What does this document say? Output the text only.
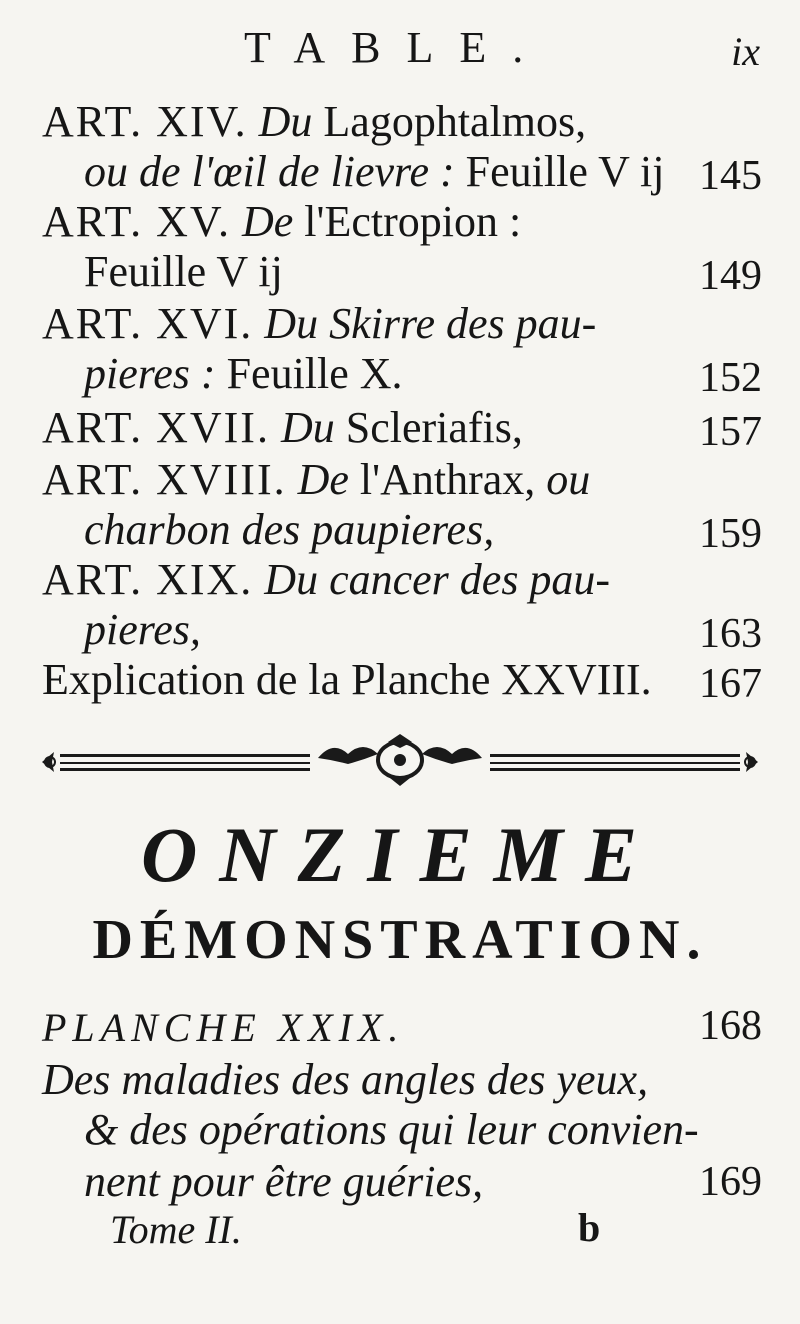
TABLE.	ix
ART. XIV. Du Lagophtalmos,
ou de l'œil de lievre : Feuille V ij 145
ART. XV. De l'Ectropion :
Feuille V ij	149
ART. XVI. Du Skirre des pau-
pieres : Feuille X.	152
ART. XVII. Du Scleriafis,	157
ART. XVIII. De l'Anthrax, ou
charbon des paupieres,	159
ART. XIX. Du cancer des pau-
pieres,	163
Explication de la Planche XXVIII. 167
ONZIEME
DÉMONSTRATION.
PLANCHE XXIX.	168
Des maladies des angles des yeux,
& des opérations qui leur convien-
nent pour être guéries,	169
Tome II.	b
